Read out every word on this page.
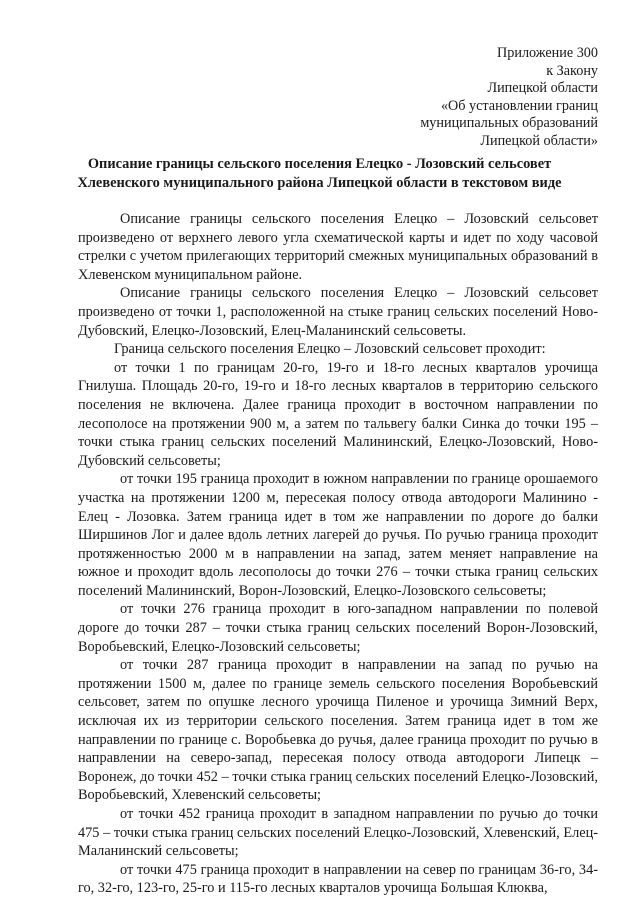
Приложение 300
к Закону
Липецкой области
«Об установлении границ
муниципальных образований
Липецкой области»
Описание границы сельского поселения Елецко - Лозовский сельсовет
Хлевенского муниципального района Липецкой области в текстовом виде

Описание границы сельского поселения Елецко – Лозовский сельсовет произведено от верхнего левого угла схематической карты и идет по ходу часовой стрелки с учетом прилегающих территорий смежных муниципальных образований в Хлевенском муниципальном районе.

Описание границы сельского поселения Елецко – Лозовский сельсовет произведено от точки 1, расположенной на стыке границ сельских поселений Ново-Дубовский, Елецко-Лозовский, Елец-Маланинский сельсоветы.

Граница сельского поселения Елецко – Лозовский сельсовет проходит:

от точки 1 по границам 20-го, 19-го и 18-го лесных кварталов урочища Гнилуша. Площадь 20-го, 19-го и 18-го лесных кварталов в территорию сельского поселения не включена. Далее граница проходит в восточном направлении по лесополосе на протяжении 900 м, а затем по тальвегу балки Синка до точки 195 – точки стыка границ сельских поселений Малининский, Елецко-Лозовский, Ново-Дубовский сельсоветы;

от точки 195 граница проходит в южном направлении по границе орошаемого участка на протяжении 1200 м, пересекая полосу отвода автодороги Малинино - Елец - Лозовка. Затем граница идет в том же направлении по дороге до балки Ширшинов Лог и далее вдоль летних лагерей до ручья. По ручью граница проходит протяженностью 2000 м в направлении на запад, затем меняет направление на южное и проходит вдоль лесополосы до точки 276 – точки стыка границ сельских поселений Малининский, Ворон-Лозовский, Елецко-Лозовского сельсоветы;

от точки 276 граница проходит в юго-западном направлении по полевой дороге до точки 287 – точки стыка границ сельских поселений Ворон-Лозовский, Воробьевский, Елецко-Лозовский сельсоветы;

от точки 287 граница проходит в направлении на запад по ручью на протяжении 1500 м, далее по границе земель сельского поселения Воробьевский сельсовет, затем по опушке лесного урочища Пиленое и урочища Зимний Верх, исключая их из территории сельского поселения. Затем граница идет в том же направлении по границе с. Воробьевка до ручья, далее граница проходит по ручью в направлении на северо-запад, пересекая полосу отвода автодороги Липецк – Воронеж, до точки 452 – точки стыка границ сельских поселений Елецко-Лозовский, Воробьевский, Хлевенский сельсоветы;

от точки 452 граница проходит в западном направлении по ручью до точки 475 – точки стыка границ сельских поселений Елецко-Лозовский, Хлевенский, Елец-Маланинский сельсоветы;

от точки 475 граница проходит в направлении на север по границам 36-го, 34-го, 32-го, 123-го, 25-го и 115-го лесных кварталов урочища Большая Клюква,
